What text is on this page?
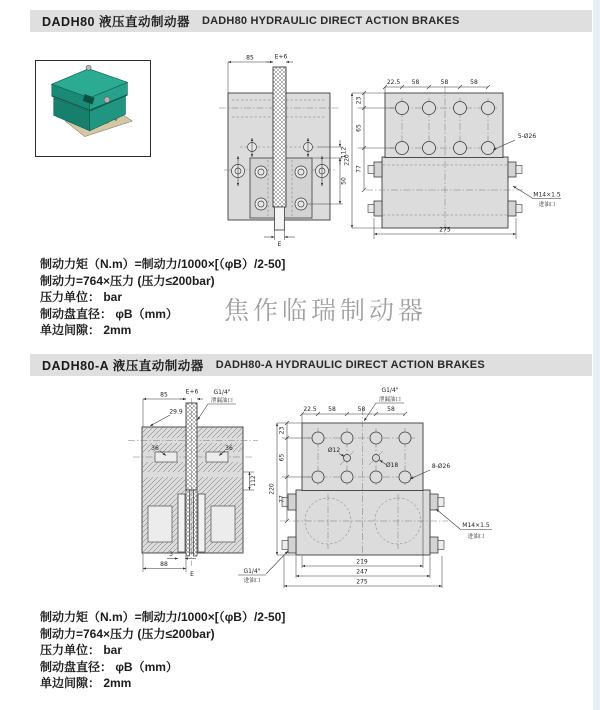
DADH80 液压直动制动器 DADH80 HYDRAULIC DIRECT ACTION BRAKES
85	E+6
112
50
E
22.5 58	58	58
220
23
65
77
275
5-Ø26
M14×1.5
进油口
制动力矩（N.m）=制动力/1000×[（φB）/2-50]
制动力=764×压力 (压力≤200bar)
压力单位： bar
制动盘直径： φB（mm）
单边间隙： 2mm
焦作临瑞制动器
DADH80-A 液压直动制动器 DADH80-A HYDRAULIC DIRECT ACTION BRAKES
85	E+6	G1/4"
泄漏油口
29.9
36	36
112
3
88
E	G1/4"
进油口
G1/4"
泄漏油口
22.5 58	58	58
Ø12
Ø18	8-Ø26
220
23
65
77
219
247
275
M14×1.5
进油口
制动力矩（N.m）=制动力/1000×[（φB）/2-50]
制动力=764×压力 (压力≤200bar)
压力单位： bar
制动盘直径： φB（mm）
单边间隙： 2mm
